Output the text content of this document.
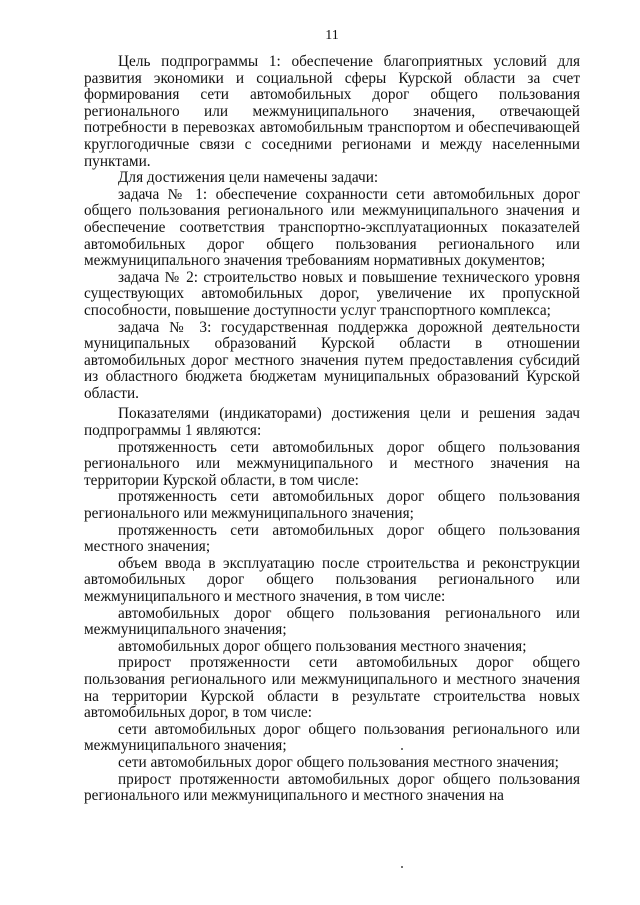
11

Цель подпрограммы 1: обеспечение благоприятных условий для развития экономики и социальной сферы Курской области за счет формирования сети автомобильных дорог общего пользования регионального или межмуниципального значения, отвечающей потребности в перевозках автомобильным транспортом и обеспечивающей круглогодичные связи с соседними регионами и между населенными пунктами.

Для достижения цели намечены задачи:

задача № 1: обеспечение сохранности сети автомобильных дорог общего пользования регионального или межмуниципального значения и обеспечение соответствия транспортно-эксплуатационных показателей автомобильных дорог общего пользования регионального или межмуниципального значения требованиям нормативных документов;

задача № 2: строительство новых и повышение технического уровня существующих автомобильных дорог, увеличение их пропускной способности, повышение доступности услуг транспортного комплекса;

задача № 3: государственная поддержка дорожной деятельности муниципальных образований Курской области в отношении автомобильных дорог местного значения путем предоставления субсидий из областного бюджета бюджетам муниципальных образований Курской области.

Показателями (индикаторами) достижения цели и решения задач подпрограммы 1 являются:

протяженность сети автомобильных дорог общего пользования регионального или межмуниципального и местного значения на территории Курской области, в том числе:

протяженность сети автомобильных дорог общего пользования регионального или межмуниципального значения;

протяженность сети автомобильных дорог общего пользования местного значения;

объем ввода в эксплуатацию после строительства и реконструкции автомобильных дорог общего пользования регионального или межмуниципального и местного значения, в том числе:

автомобильных дорог общего пользования регионального или межмуниципального значения;

автомобильных дорог общего пользования местного значения;

прирост протяженности сети автомобильных дорог общего пользования регионального или межмуниципального и местного значения на территории Курской области в результате строительства новых автомобильных дорог, в том числе:

сети автомобильных дорог общего пользования регионального или межмуниципального значения;

сети автомобильных дорог общего пользования местного значения;

прирост протяженности автомобильных дорог общего пользования регионального или межмуниципального и местного значения на
